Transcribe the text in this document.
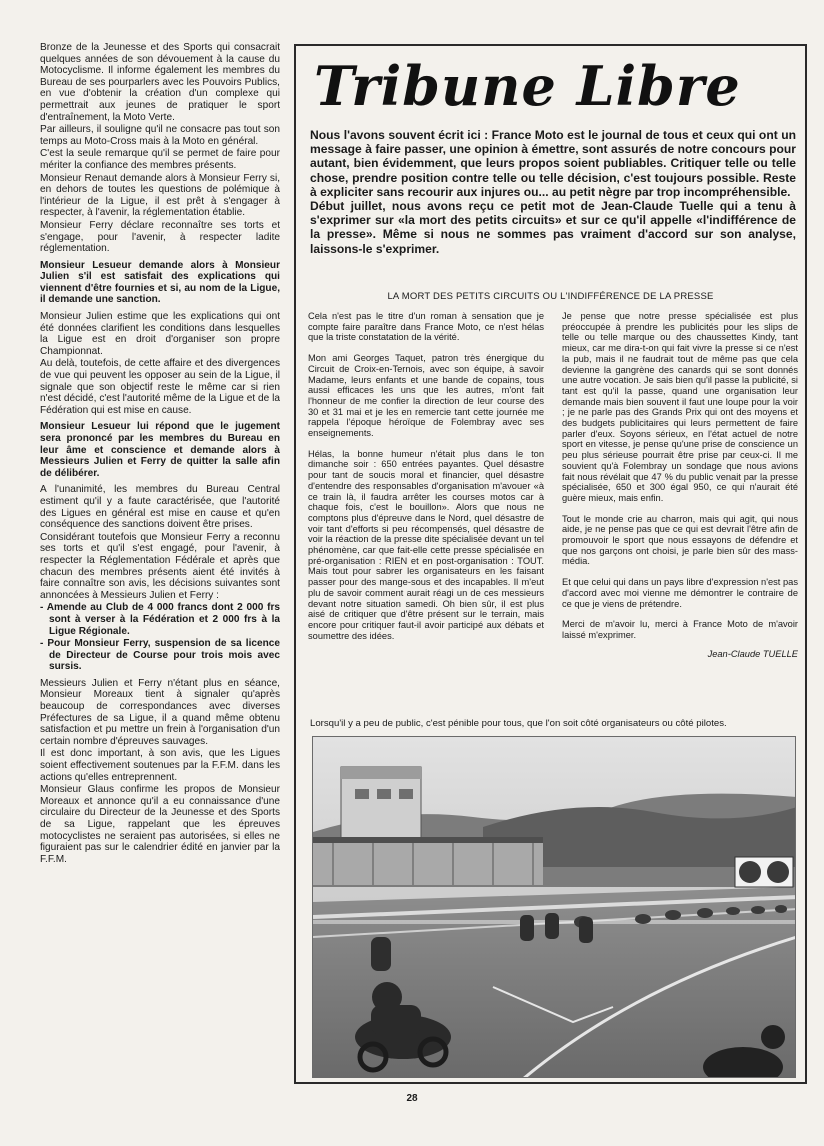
Bronze de la Jeunesse et des Sports qui consacrait quelques années de son dévouement à la cause du Motocyclisme. Il informe également les membres du Bureau de ses pourparlers avec les Pouvoirs Publics, en vue d'obtenir la création d'un complexe qui permettrait aux jeunes de pratiquer le sport d'entraînement, la Moto Verte.

Par ailleurs, il souligne qu'il ne consacre pas tout son temps au Moto-Cross mais à la Moto en général.

C'est la seule remarque qu'il se permet de faire pour mériter la confiance des membres présents.

Monsieur Renaut demande alors à Monsieur Ferry si, en dehors de toutes les questions de polémique à l'intérieur de la Ligue, il est prêt à s'engager à respecter, à l'avenir, la réglementation établie.

Monsieur Ferry déclare reconnaître ses torts et s'engage, pour l'avenir, à respecter ladite réglementation.

Monsieur Lesueur demande alors à Monsieur Julien s'il est satisfait des explications qui viennent d'être fournies et si, au nom de la Ligue, il demande une sanction.

Monsieur Julien estime que les explications qui ont été données clarifient les conditions dans lesquelles la Ligue est en droit d'organiser son propre Championnat.

Au delà, toutefois, de cette affaire et des divergences de vue qui peuvent les opposer au sein de la Ligue, il signale que son objectif reste le même car si rien n'est décidé, c'est l'autorité même de la Ligue et de la Fédération qui est mise en cause.

Monsieur Lesueur lui répond que le jugement sera prononcé par les membres du Bureau en leur âme et conscience et demande alors à Messieurs Julien et Ferry de quitter la salle afin de délibérer.

A l'unanimité, les membres du Bureau Central estiment qu'il y a faute caractérisée, que l'autorité des Ligues en général est mise en cause et qu'en conséquence des sanctions doivent être prises.

Considérant toutefois que Monsieur Ferry a reconnu ses torts et qu'il s'est engagé, pour l'avenir, à respecter la Réglementation Fédérale et après que chacun des membres présents aient été invités à faire connaître son avis, les décisions suivantes sont annoncées à Messieurs Julien et Ferry :

- Amende au Club de 4 000 francs dont 2 000 frs sont à verser à la Fédération et 2 000 frs à la Ligue Régionale.

- Pour Monsieur Ferry, suspension de sa licence de Directeur de Course pour trois mois avec sursis.

Messieurs Julien et Ferry n'étant plus en séance, Monsieur Moreaux tient à signaler qu'après beaucoup de correspondances avec diverses Préfectures de sa Ligue, il a quand même obtenu satisfaction et pu mettre un frein à l'organisation d'un certain nombre d'épreuves sauvages.

Il est donc important, à son avis, que les Ligues soient effectivement soutenues par la F.F.M. dans les actions qu'elles entreprennent.

Monsieur Glaus confirme les propos de Monsieur Moreaux et annonce qu'il a eu connaissance d'une circulaire du Directeur de la Jeunesse et des Sports de sa Ligue, rappelant que les épreuves motocyclistes ne seraient pas autorisées, si elles ne figuraient pas sur le calendrier édité en janvier par la F.F.M.

Tribune Libre

Nous l'avons souvent écrit ici : France Moto est le journal de tous et ceux qui ont un message à faire passer, une opinion à émettre, sont assurés de notre concours pour autant, bien évidemment, que leurs propos soient publiables. Critiquer telle ou telle chose, prendre position contre telle ou telle décision, c'est toujours possible. Reste à expliciter sans recourir aux injures ou... au petit nègre par trop incompréhensible.

Début juillet, nous avons reçu ce petit mot de Jean-Claude Tuelle qui a tenu à s'exprimer sur «la mort des petits circuits» et sur ce qu'il appelle «l'indifférence de la presse». Même si nous ne sommes pas vraiment d'accord sur son analyse, laissons-le s'exprimer.

LA MORT DES PETITS CIRCUITS OU L'INDIFFÉRENCE DE LA PRESSE

Cela n'est pas le titre d'un roman à sensation que je compte faire paraître dans France Moto, ce n'est hélas que la triste constatation de la vérité.

Mon ami Georges Taquet, patron très énergique du Circuit de Croix-en-Ternois, avec son équipe, à savoir Madame, leurs enfants et une bande de copains, tous aussi efficaces les uns que les autres, m'ont fait l'honneur de me confier la direction de leur course des 30 et 31 mai et je les en remercie tant cette journée me rappela l'époque héroïque de Folembray avec ses enseignements.

Hélas, la bonne humeur n'était plus dans le ton dimanche soir : 650 entrées payantes. Quel désastre pour tant de soucis moral et financier, quel désastre d'entendre des responsables d'organisation m'avouer «à ce train là, il faudra arrêter les courses motos car à chaque fois, c'est le bouillon». Alors que nous ne comptons plus d'épreuve dans le Nord, quel désastre de voir tant d'efforts si peu récompensés, quel désastre de voir la réaction de la presse dite spécialisée devant un tel phénomène, car que fait-elle cette presse spécialisée en pré-organisation : RIEN et en post-organisation : TOUT. Mais tout pour sabrer les organisateurs en les faisant passer pour des mange-sous et des incapables. Il m'eut plu de savoir comment aurait réagi un de ces messieurs devant notre situation samedi. Oh bien sûr, il est plus aisé de critiquer que d'être présent sur le terrain, mais encore pour critiquer faut-il avoir participé aux débats et soumettre des idées.

Je pense que notre presse spécialisée est plus préoccupée à prendre les publicités pour les slips de telle ou telle marque ou des chaussettes Kindy, tant mieux, car me dira-t-on qui fait vivre la presse si ce n'est la pub, mais il ne faudrait tout de même pas que cela devienne la gangrène des canards qui se sont donnés une autre vocation. Je sais bien qu'il passe la publicité, si tant est qu'il la passe, quand une organisation leur demande mais bien souvent il faut une loupe pour la voir ; je ne parle pas des Grands Prix qui ont des moyens et des budgets publicitaires qui leurs permettent de faire parler d'eux. Soyons sérieux, en l'état actuel de notre sport en vitesse, je pense qu'une prise de conscience un peu plus sérieuse pourrait être prise par ceux-ci. Il me souvient qu'à Folembray un sondage que nous avions fait nous révélait que 47 % du public venait par la presse spécialisée, 650 et 300 égal 950, ce qui n'aurait été guère mieux, mais enfin.

Tout le monde crie au charron, mais qui agit, qui nous aide, je ne pense pas que ce qui est devrait l'être afin de promouvoir le sport que nous essayons de défendre et que nos garçons ont choisi, je parle bien sûr des mass-média.

Et que celui qui dans un pays libre d'expression n'est pas d'accord avec moi vienne me démontrer le contraire de ce que je viens de prétendre.

Merci de m'avoir lu, merci à France Moto de m'avoir laissé m'exprimer.

Jean-Claude TUELLE

Lorsqu'il y a peu de public, c'est pénible pour tous, que l'on soit côté organisateurs ou côté pilotes.
28
